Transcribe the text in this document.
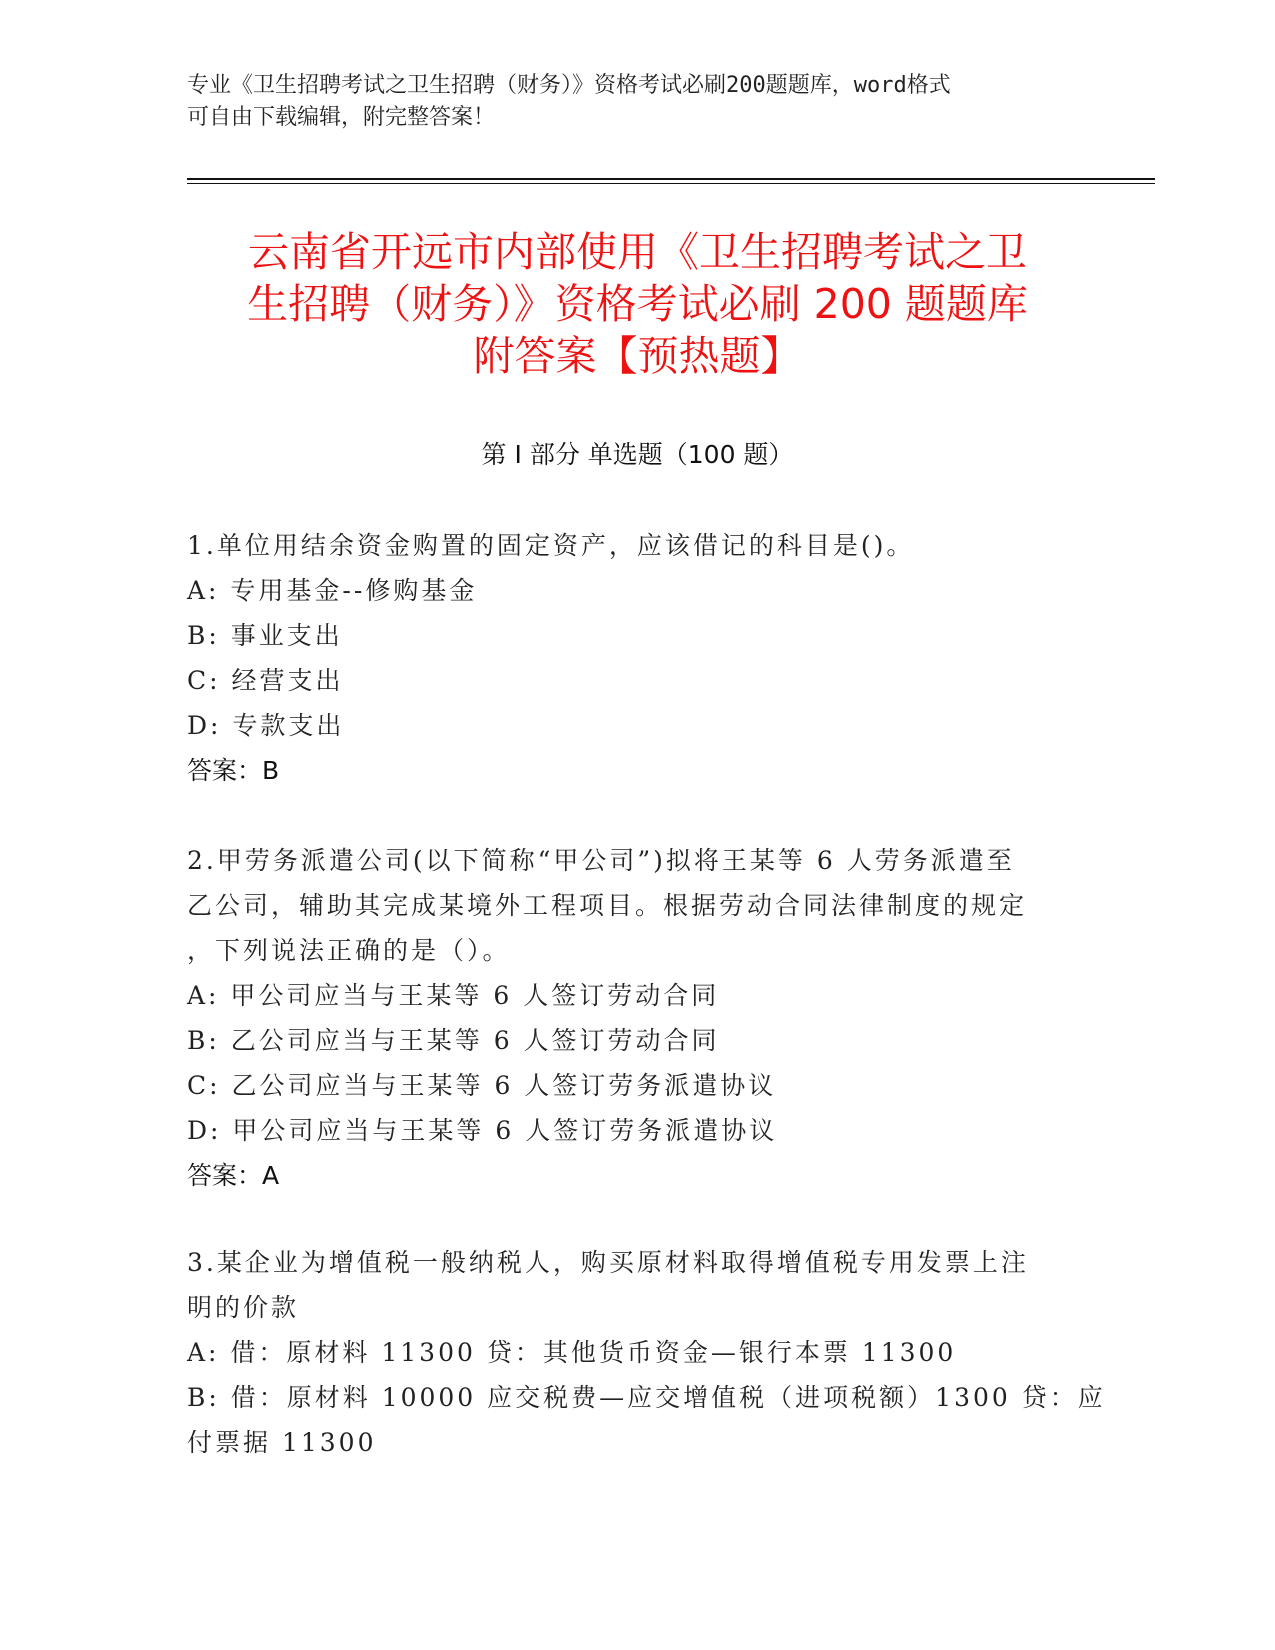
专业《卫生招聘考试之卫生招聘（财务）》资格考试必刷200题题库，word格式
可自由下载编辑，附完整答案！
云南省开远市内部使用《卫生招聘考试之卫
生招聘（财务）》资格考试必刷 200 题题库
附答案【预热题】
第 I 部分 单选题（100 题）
1.单位用结余资金购置的固定资产，应该借记的科目是()。
A: 专用基金--修购基金
B: 事业支出
C: 经营支出
D: 专款支出
答案：B
2.甲劳务派遣公司(以下简称“甲公司”)拟将王某等 6 人劳务派遣至
乙公司，辅助其完成某境外工程项目。根据劳动合同法律制度的规定
，下列说法正确的是（）。
A: 甲公司应当与王某等 6 人签订劳动合同
B: 乙公司应当与王某等 6 人签订劳动合同
C: 乙公司应当与王某等 6 人签订劳务派遣协议
D: 甲公司应当与王某等 6 人签订劳务派遣协议
答案：A
3.某企业为增值税一般纳税人，购买原材料取得增值税专用发票上注
明的价款
A: 借：原材料 11300 贷：其他货币资金—银行本票 11300
B: 借：原材料 10000 应交税费—应交增值税（进项税额）1300 贷：应
付票据 11300
